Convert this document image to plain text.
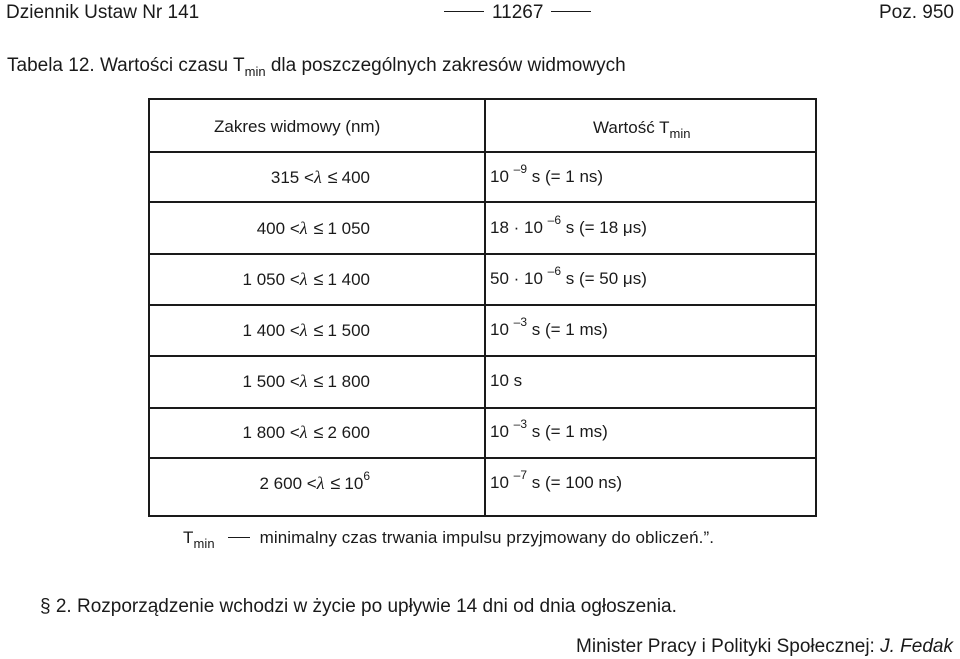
Dziennik Ustaw Nr 141	11267	Poz. 950
Tabela 12. Wartości czasu $T_{min}$ dla poszczególnych zakresów widmowych
Zakres widmowy (nm)	Wartość $T_{min}$
315 <λ ≤ 400	10 $^{-9}$ s (= 1 ns)
400 <λ ≤ 1 050	18 · 10 $^{-6}$ s (= 18 μs)
1 050 <λ ≤ 1 400	50 · 10 $^{-6}$ s (= 50 μs)
1 400 <λ ≤ 1 500	10 $^{-3}$ s (= 1 ms)
1 500 <λ ≤ 1 800	10 s
1 800 <λ ≤ 2 600	10 $^{-3}$ s (= 1 ms)
2 $600 <\lambda \le 10^6$	10 $^{-7}$ s (= 100 ns)
$T_{min}$	minimalny czas trwania impulsu przyjmowany do obliczeń.”.
§ 2. Rozporządzenie wchodzi w życie po upływie 14 dni od dnia ogłoszenia.
Minister Pracy i Polityki Społecznej: J. Fedak
